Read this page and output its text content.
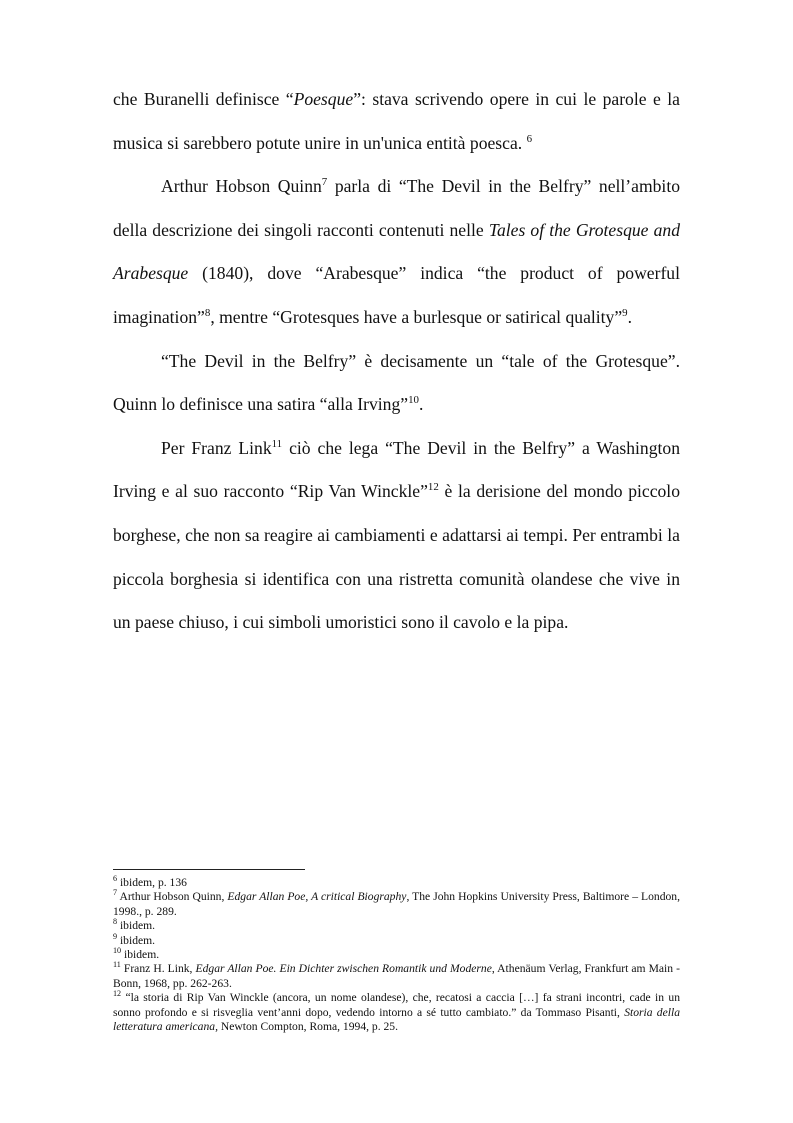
che Buranelli definisce “Poesque”: stava scrivendo opere in cui le parole e la musica si sarebbero potute unire in un'unica entità poesca. $^6$

Arthur Hobson Quinn$^7$ parla di “The Devil in the Belfry” nell’ambito della descrizione dei singoli racconti contenuti nelle Tales of the Grotesque and Arabesque (1840), dove “Arabesque” indica “the product of powerful imagination”$^8$, mentre “Grotesques have a burlesque or satirical quality”$^9$.

“The Devil in the Belfry” è decisamente un “tale of the Grotesque”. Quinn lo definisce una satira “alla Irving”$^{10}$.

Per Franz Link$^{11}$ ciò che lega “The Devil in the Belfry” a Washington Irving e al suo racconto “Rip Van Winckle”$^{12}$ è la derisione del mondo piccolo borghese, che non sa reagire ai cambiamenti e adattarsi ai tempi. Per entrambi la piccola borghesia si identifica con una ristretta comunità olandese che vive in un paese chiuso, i cui simboli umoristici sono il cavolo e la pipa.

$^6$ ibidem, p. 136

$^7$ Arthur Hobson Quinn, Edgar Allan Poe, A critical Biography, The John Hopkins University Press, Baltimore – London, 1998., p. 289.

$^8$ ibidem.

$^9$ ibidem.

$^{10}$ ibidem.

$^{11}$ Franz H. Link, Edgar Allan Poe. Ein Dichter zwischen Romantik und Moderne, Athenäum Verlag, Frankfurt am Main - Bonn, 1968, pp. 262-263.

$^{12}$ “la storia di Rip Van Winckle (ancora, un nome olandese), che, recatosi a caccia […] fa strani incontri, cade in un sonno profondo e si risveglia vent’anni dopo, vedendo intorno a sé tutto cambiato.” da Tommaso Pisanti, Storia della letteratura americana, Newton Compton, Roma, 1994, p. 25.
